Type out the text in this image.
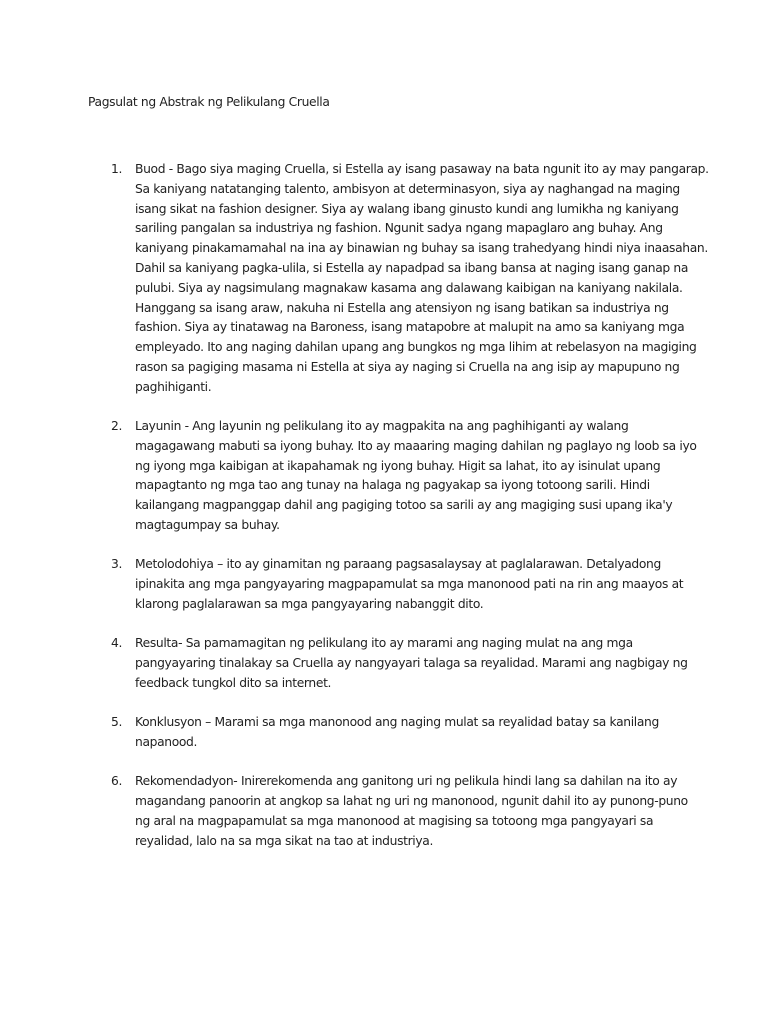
Pagsulat ng Abstrak ng Pelikulang Cruella
1.	Buod - Bago siya maging Cruella, si Estella ay isang pasaway na bata ngunit ito ay may pangarap.
Sa kaniyang natatanging talento, ambisyon at determinasyon, siya ay naghangad na maging
isang sikat na fashion designer. Siya ay walang ibang ginusto kundi ang lumikha ng kaniyang
sariling pangalan sa industriya ng fashion. Ngunit sadya ngang mapaglaro ang buhay. Ang
kaniyang pinakamamahal na ina ay binawian ng buhay sa isang trahedyang hindi niya inaasahan.
Dahil sa kaniyang pagka-ulila, si Estella ay napadpad sa ibang bansa at naging isang ganap na
pulubi. Siya ay nagsimulang magnakaw kasama ang dalawang kaibigan na kaniyang nakilala.
Hanggang sa isang araw, nakuha ni Estella ang atensiyon ng isang batikan sa industriya ng
fashion. Siya ay tinatawag na Baroness, isang matapobre at malupit na amo sa kaniyang mga
empleyado. Ito ang naging dahilan upang ang bungkos ng mga lihim at rebelasyon na magiging
rason sa pagiging masama ni Estella at siya ay naging si Cruella na ang isip ay mapupuno ng
paghihiganti.
2.	Layunin - Ang layunin ng pelikulang ito ay magpakita na ang paghihiganti ay walang
magagawang mabuti sa iyong buhay. Ito ay maaaring maging dahilan ng paglayo ng loob sa iyo
ng iyong mga kaibigan at ikapahamak ng iyong buhay. Higit sa lahat, ito ay isinulat upang
mapagtanto ng mga tao ang tunay na halaga ng pagyakap sa iyong totoong sarili. Hindi
kailangang magpanggap dahil ang pagiging totoo sa sarili ay ang magiging susi upang ika'y
magtagumpay sa buhay.
3.	Metolodohiya – ito ay ginamitan ng paraang pagsasalaysay at paglalarawan. Detalyadong
ipinakita ang mga pangyayaring magpapamulat sa mga manonood pati na rin ang maayos at
klarong paglalarawan sa mga pangyayaring nabanggit dito.
4.	Resulta- Sa pamamagitan ng pelikulang ito ay marami ang naging mulat na ang mga
pangyayaring tinalakay sa Cruella ay nangyayari talaga sa reyalidad. Marami ang nagbigay ng
feedback tungkol dito sa internet.
5.	Konklusyon – Marami sa mga manonood ang naging mulat sa reyalidad batay sa kanilang
napanood.
6.	Rekomendadyon- Inirerekomenda ang ganitong uri ng pelikula hindi lang sa dahilan na ito ay
magandang panoorin at angkop sa lahat ng uri ng manonood, ngunit dahil ito ay punong-puno
ng aral na magpapamulat sa mga manonood at magising sa totoong mga pangyayari sa
reyalidad, lalo na sa mga sikat na tao at industriya.
